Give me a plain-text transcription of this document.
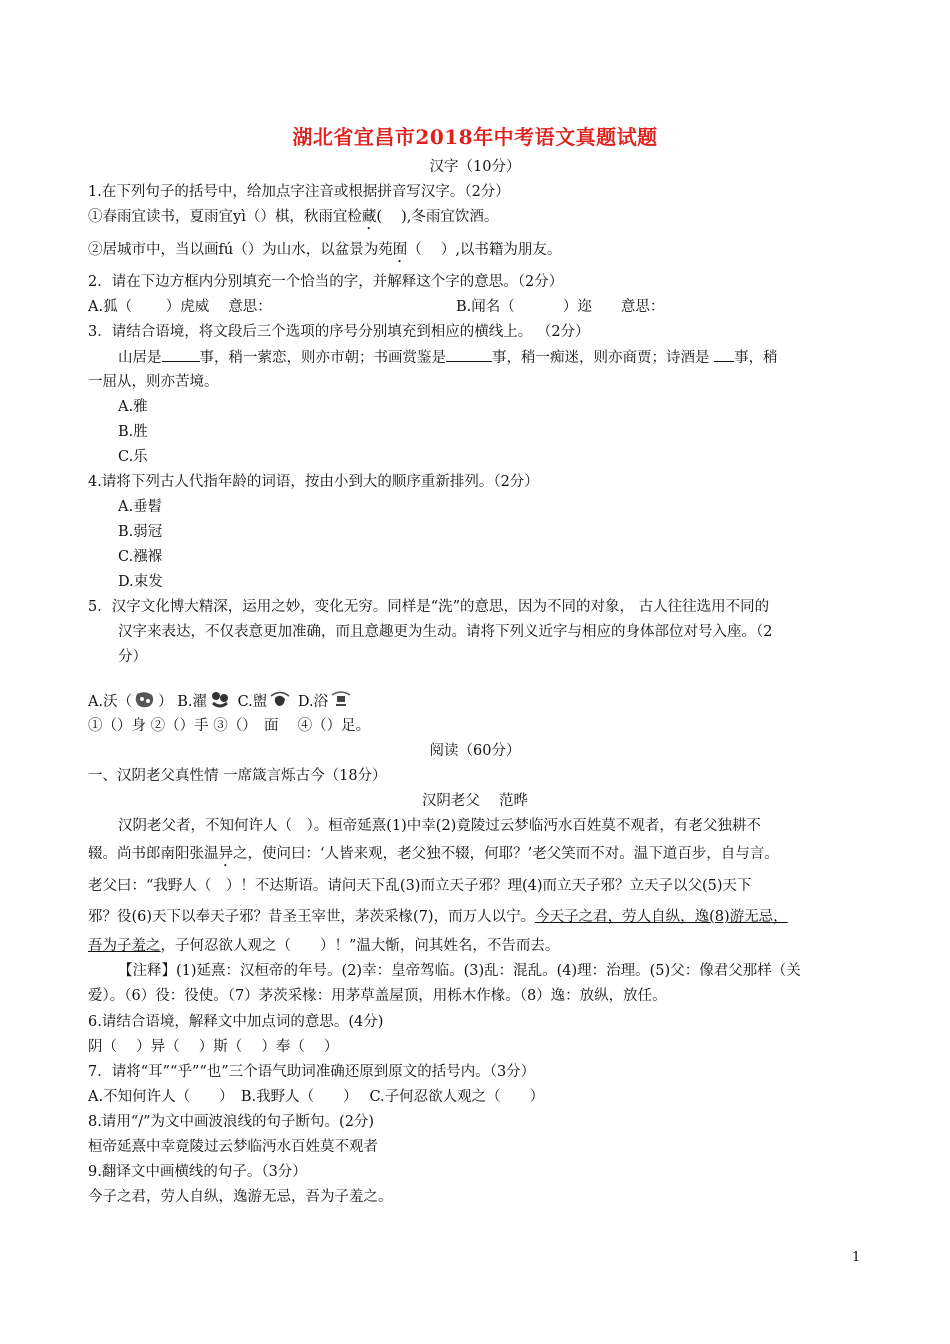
湖北省宜昌市2018年中考语文真题试题
汉字（10分）
1.在下列句子的括号中，给加点字注音或根据拼音写汉字。（2分）
①春雨宜读书，夏雨宜yì（）棋，秋雨宜检藏(　 ),冬雨宜饮酒。
②居城市中，当以画fú（）为山水，以盆景为苑囿（　 ）,以书籍为朋友。
2．请在下边方框内分别填充一个恰当的字，并解释这个字的意思。（2分）
A.狐（　　 ）虎威　 意思：	B.闻名（　　　 ）迩　　意思：
3．请结合语境，将文段后三个选项的序号分别填充到相应的横线上。 （2分）
山居是	事，稍一萦恋，则亦市朝；书画赏鉴是	事，稍一痴迷，则亦商贾；诗酒是 事，稍
一屈从，则亦苦境。
A.雅
B.胜
C.乐
4.请将下列古人代指年龄的词语，按由小到大的顺序重新排列。（2分）
A.垂髫
B.弱冠
C.襁褓
D.束发
5．汉字文化博大精深，运用之妙，变化无穷。同样是“洗”的意思，因为不同的对象， 古人往往选用不同的
汉字来表达，不仅表意更加准确，而且意趣更为生动。请将下列义近字与相应的身体部位对号入座。（2
分）
A.沃（ ） B.濯 C.盥 D.浴
①（）身 ②（）手 ③（）　面　 ④（）足。
阅读（60分）
一、汉阴老父真性情 一席箴言烁古今（18分）
汉阴老父　 范晔
汉阴老父者，不知何许人（　）。桓帝延熹(1)中幸(2)竟陵过云梦临沔水百姓莫不观者，有老父独耕不
辍。尚书郎南阳张温异之，使问曰：‘人皆来观，老父独不辍，何耶？’老父笑而不对。温下道百步，自与言。
老父曰：“我野人（　）！不达斯语。请问天下乱(3)而立天子邪？理(4)而立天子邪？立天子以父(5)天下
邪？役(6)天下以奉天子邪？昔圣王宰世，茅茨采椽(7)，而万人以宁。今天子之君，劳人自纵，逸(8)游无忌，
吾为子羞之，子何忍欲人观之（　　）！”温大惭，问其姓名，不告而去。
【注释】(1)延熹：汉桓帝的年号。(2)幸：皇帝驾临。(3)乱：混乱。(4)理：治理。(5)父：像君父那样（关
爱）。（6）役：役使。（7）茅茨采椽：用茅草盖屋顶，用栎木作椽。（8）逸：放纵，放任。
6.请结合语境，解释文中加点词的意思。(4分)
阴（　 ）异（　 ）斯（　 ）奉（　 ）
7．请将“耳”“乎”“也”三个语气助词准确还原到原文的括号内。（3分）
A.不知何许人（　　）　B.我野人（　　）　 C.子何忍欲人观之（　　）
8.请用“/”为文中画波浪线的句子断句。(2分)
桓帝延熹中幸竟陵过云梦临沔水百姓莫不观者
9.翻译文中画横线的句子。（3分）
今子之君，劳人自纵，逸游无忌，吾为子羞之。
1
